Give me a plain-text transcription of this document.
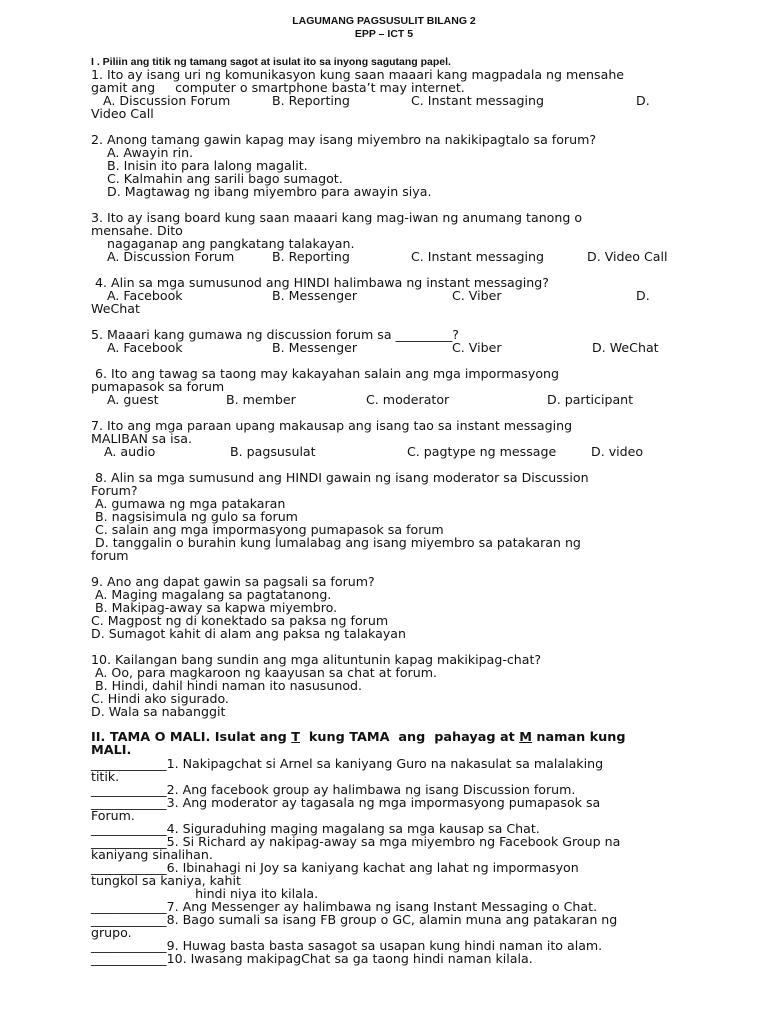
LAGUMANG PAGSUSULIT BILANG 2
EPP – ICT 5
I . Piliin ang titik ng tamang sagot at isulat ito sa inyong sagutang papel.
1. Ito ay isang uri ng komunikasyon kung saan maaari kang magpadala ng mensahe
gamit ang     computer o smartphone basta’t may internet.
A. Discussion Forum	B. Reporting	C. Instant messaging	D.
Video Call
2. Anong tamang gawin kapag may isang miyembro na nakikipagtalo sa forum?
A. Awayin rin.
B. Inisin ito para lalong magalit.
C. Kalmahin ang sarili bago sumagot.
D. Magtawag ng ibang miyembro para awayin siya.
3. Ito ay isang board kung saan maaari kang mag-iwan ng anumang tanong o
mensahe. Dito
nagaganap ang pangkatang talakayan.
A. Discussion Forum	B. Reporting	C. Instant messaging	D. Video Call
4. Alin sa mga sumusunod ang HINDI halimbawa ng instant messaging?
A. Facebook	B. Messenger	C. Viber	D.
WeChat
5. Maaari kang gumawa ng discussion forum sa _________?
A. Facebook	B. Messenger	C. Viber	D. WeChat
6. Ito ang tawag sa taong may kakayahan salain ang mga impormasyong
pumapasok sa forum
A. guest	B. member	C. moderator	D. participant
7. Ito ang mga paraan upang makausap ang isang tao sa instant messaging
MALIBAN sa isa.
A. audio	B. pagsusulat	C. pagtype ng message	D. video
8. Alin sa mga sumusund ang HINDI gawain ng isang moderator sa Discussion
Forum?
A. gumawa ng mga patakaran
B. nagsisimula ng gulo sa forum
C. salain ang mga impormasyong pumapasok sa forum
D. tanggalin o burahin kung lumalabag ang isang miyembro sa patakaran ng
forum
9. Ano ang dapat gawin sa pagsali sa forum?
A. Maging magalang sa pagtatanong.
B. Makipag-away sa kapwa miyembro.
C. Magpost ng di konektado sa paksa ng forum
D. Sumagot kahit di alam ang paksa ng talakayan
10. Kailangan bang sundin ang mga alituntunin kapag makikipag-chat?
A. Oo, para magkaroon ng kaayusan sa chat at forum.
B. Hindi, dahil hindi naman ito nasusunod.
C. Hindi ako sigurado.
D. Wala sa nabanggit
II. TAMA O MALI. Isulat ang T  kung TAMA  ang  pahayag at M naman kung
MALI.
____________1. Nakipagchat si Arnel sa kaniyang Guro na nakasulat sa malalaking
titik.
____________2. Ang facebook group ay halimbawa ng isang Discussion forum.
____________3. Ang moderator ay tagasala ng mga impormasyong pumapasok sa
Forum.
____________4. Siguraduhing maging magalang sa mga kausap sa Chat.
____________5. Si Richard ay nakipag-away sa mga miyembro ng Facebook Group na
kaniyang sinalihan.
____________6. Ibinahagi ni Joy sa kaniyang kachat ang lahat ng impormasyon
tungkol sa kaniya, kahit
hindi niya ito kilala.
____________7. Ang Messenger ay halimbawa ng isang Instant Messaging o Chat.
____________8. Bago sumali sa isang FB group o GC, alamin muna ang patakaran ng
grupo.
____________9. Huwag basta basta sasagot sa usapan kung hindi naman ito alam.
____________10. Iwasang makipagChat sa ga taong hindi naman kilala.
